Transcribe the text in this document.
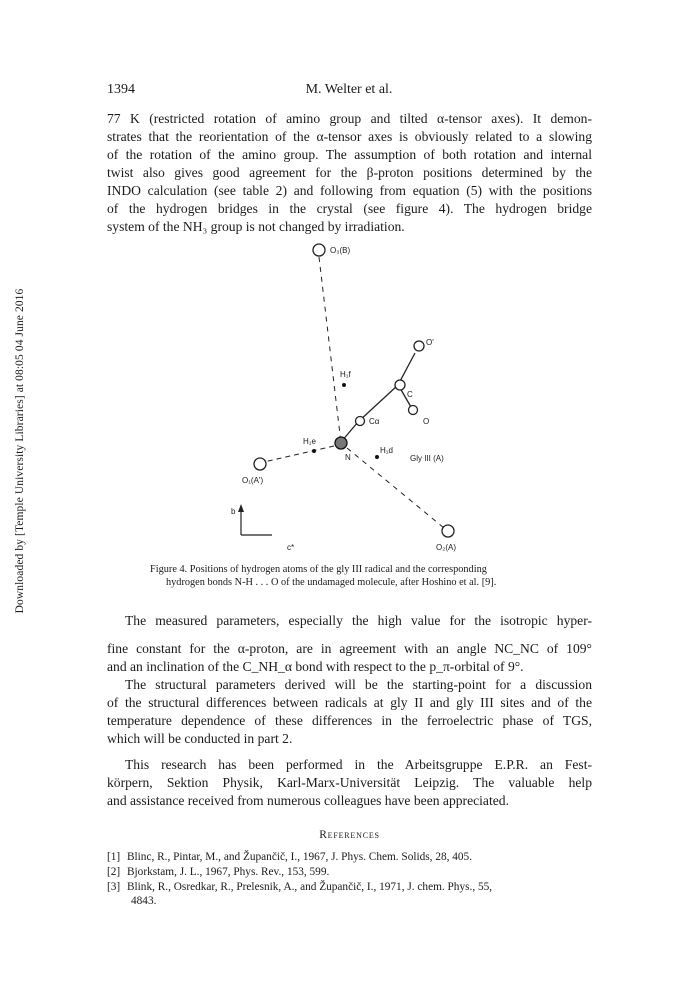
Downloaded by [Temple University Libraries] at 08:05 04 June 2016
1394	M. Welter et al.
77 K (restricted rotation of amino group and tilted α-tensor axes). It demon-
strates that the reorientation of the α-tensor axes is obviously related to a slowing
of the rotation of the amino group. The assumption of both rotation and internal
twist also gives good agreement for the β-proton positions determined by the
INDO calculation (see table 2) and following from equation (5) with the positions
of the hydrogen bridges in the crystal (see figure 4). The hydrogen bridge
system of the NH₃ group is not changed by irradiation.
O₃(B)
O'
H₁f
C
Cα	O
H₁e
N	Gly III (A)
H₁d
O₁(A')
b
c*	O₂(A)
Figure 4. Positions of hydrogen atoms of the gly III radical and the corresponding
hydrogen bonds N-H . . . O of the undamaged molecule, after Hoshino et al. [9].
The measured parameters, especially the high value for the isotropic hyper-
fine constant for the α-proton, are in agreement with an angle NC_NC of 109°
and an inclination of the C_NH_α bond with respect to the p_π-orbital of 9°.
The structural parameters derived will be the starting-point for a discussion
of the structural differences between radicals at gly II and gly III sites and of the
temperature dependence of these differences in the ferroelectric phase of TGS,
which will be conducted in part 2.
This research has been performed in the Arbeitsgruppe E.P.R. an Fest-
körpern, Sektion Physik, Karl-Marx-Universität Leipzig. The valuable help
and assistance received from numerous colleagues have been appreciated.
References
[1] Blinc, R., Pintar, M., and Župančič, I., 1967, J. Phys. Chem. Solids, 28, 405.
[2] Bjorkstam, J. L., 1967, Phys. Rev., 153, 599.
[3] Blink, R., Osredkar, R., Prelesnik, A., and Župančič, I., 1971, J. chem. Phys., 55,
4843.
